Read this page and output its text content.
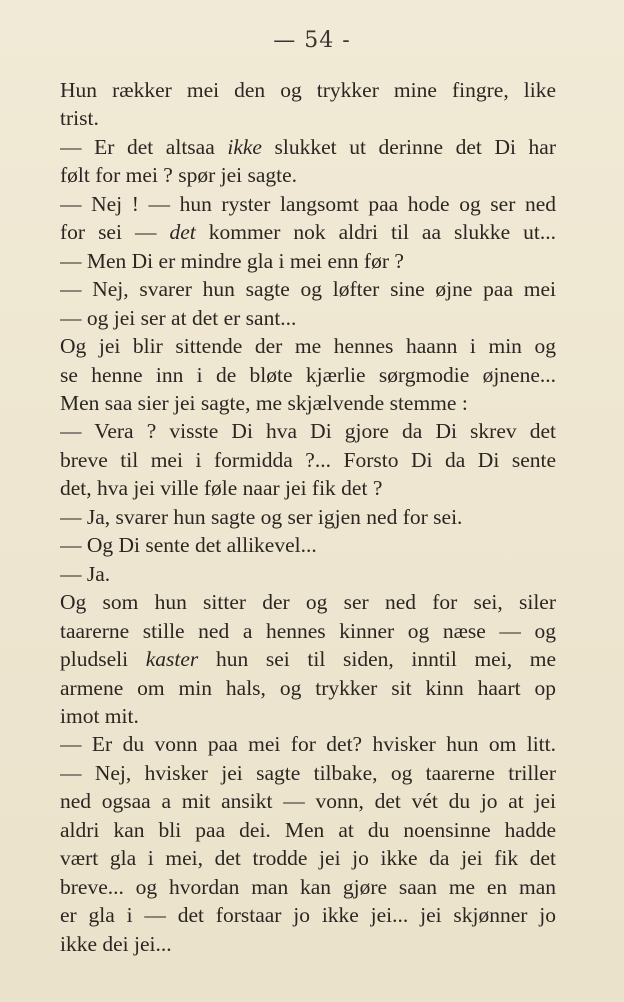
— 54 -
Hun rækker mei den og trykker mine fingre, like
trist.
— Er det altsaa ikke slukket ut derinne det Di har
følt for mei ? spør jei sagte.
— Nej ! — hun ryster langsomt paa hode og ser ned
for sei — det kommer nok aldri til aa slukke ut...
— Men Di er mindre gla i mei enn før ?
— Nej, svarer hun sagte og løfter sine øjne paa mei
— og jei ser at det er sant...
Og jei blir sittende der me hennes haann i min og
se henne inn i de bløte kjærlie sørgmodie øjnene...
Men saa sier jei sagte, me skjælvende stemme :
— Vera ? visste Di hva Di gjore da Di skrev det
breve til mei i formidda ?... Forsto Di da Di sente
det, hva jei ville føle naar jei fik det ?
— Ja, svarer hun sagte og ser igjen ned for sei.
— Og Di sente det allikevel...
— Ja.
Og som hun sitter der og ser ned for sei, siler
taarerne stille ned a hennes kinner og næse — og
pludseli kaster hun sei til siden, inntil mei, me
armene om min hals, og trykker sit kinn haart op
imot mit.
— Er du vonn paa mei for det? hvisker hun om litt.
— Nej, hvisker jei sagte tilbake, og taarerne triller
ned ogsaa a mit ansikt — vonn, det vét du jo at jei
aldri kan bli paa dei. Men at du noensinne hadde
vært gla i mei, det trodde jei jo ikke da jei fik det
breve... og hvordan man kan gjøre saan me en man
er gla i — det forstaar jo ikke jei... jei skjønner jo
ikke dei jei...
